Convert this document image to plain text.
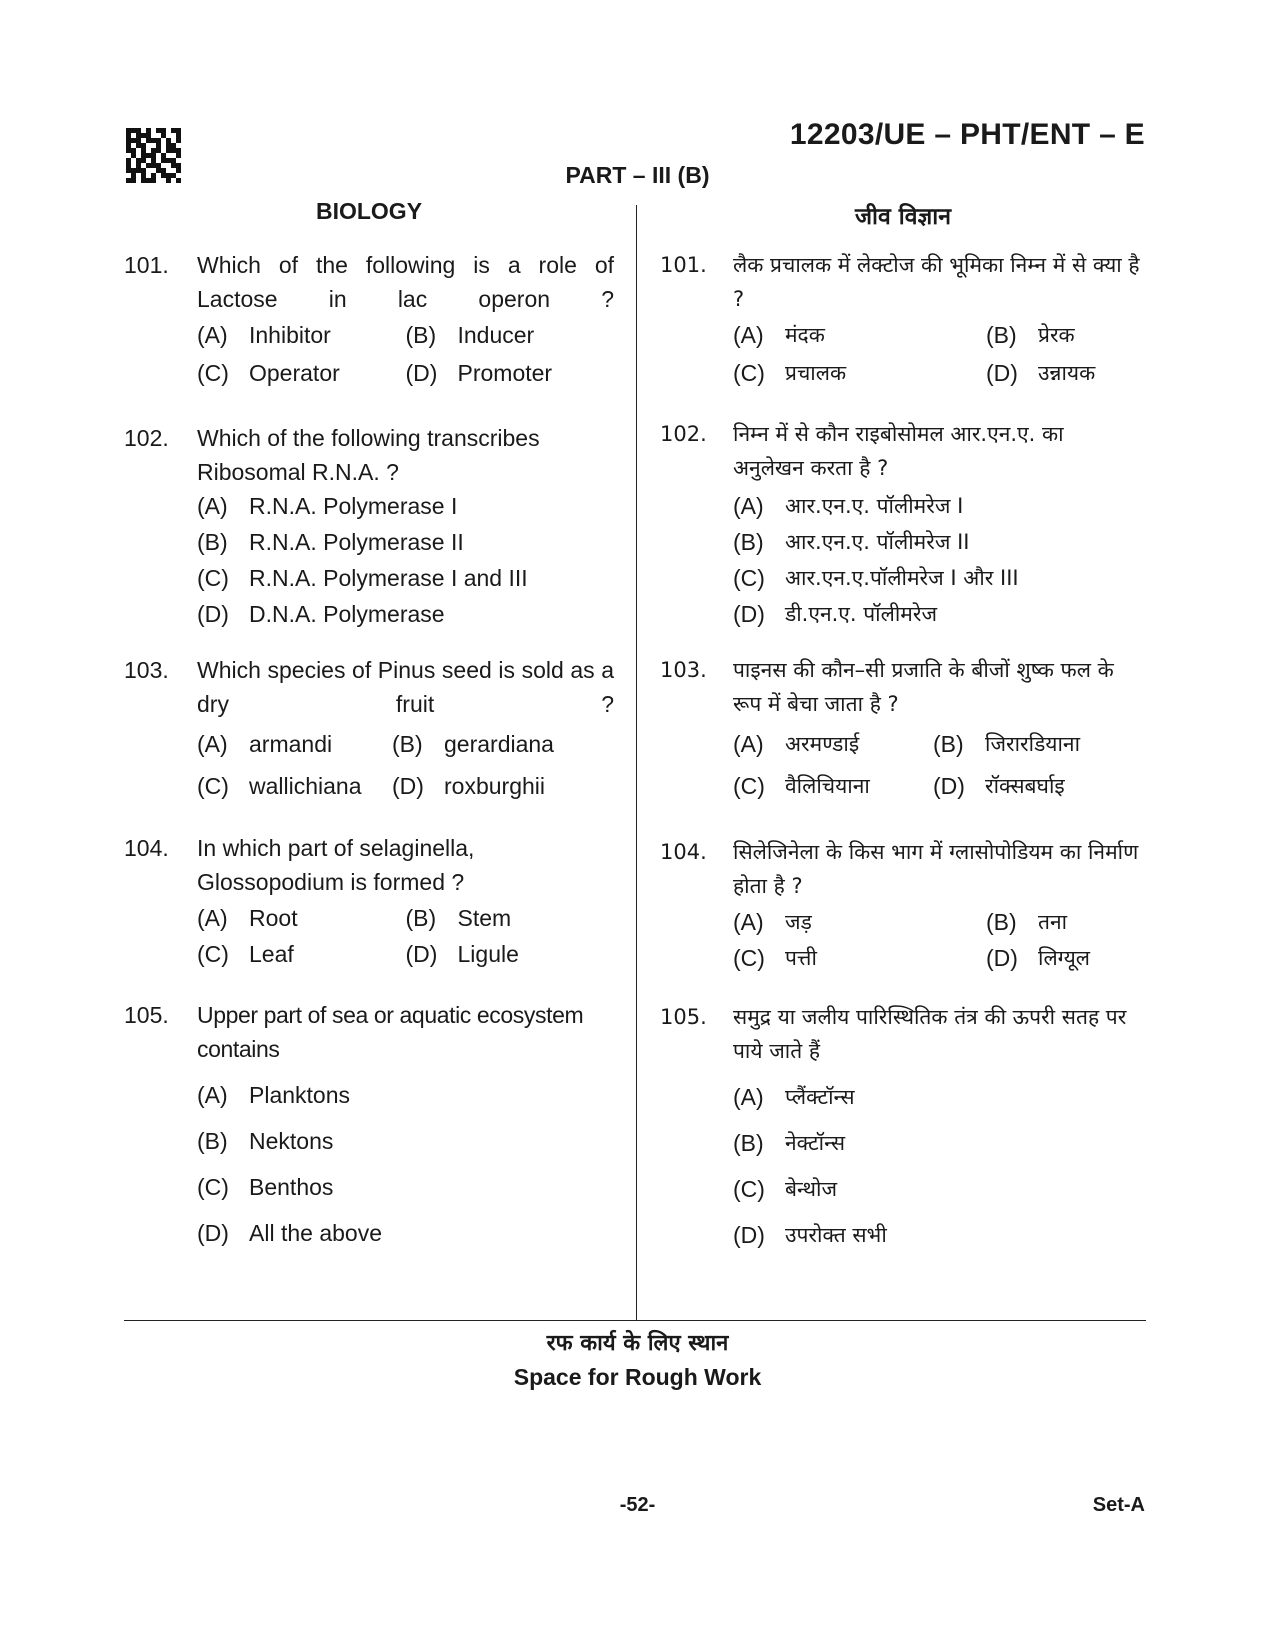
12203/UE – PHT/ENT – E
PART – III (B)
BIOLOGY
101.	Which of the following is a role of Lactose in lac operon ?
(A) Inhibitor	(B) Inducer
(C) Operator	(D) Promoter
102.	Which of the following transcribes Ribosomal R.N.A. ?
(A) R.N.A. Polymerase I
(B) R.N.A. Polymerase II
(C) R.N.A. Polymerase I and III
(D) D.N.A. Polymerase
103.	Which species of Pinus seed is sold as a dry fruit ?
(A) armandi	(B) gerardiana
(C) wallichiana (D) roxburghii
104.	In which part of selaginella, Glossopodium is formed ?
(A) Root	(B) Stem
(C) Leaf	(D) Ligule
105.	Upper part of sea or aquatic ecosystem contains
(A) Planktons
(B) Nektons
(C) Benthos
(D) All the above
जीव विज्ञान
101.	लैक प्रचालक में लेक्टोज की भूमिका निम्न में से क्या है ?
(A)	मंदक	(B)	प्रेरक
(C) प्रचालक	(D) उन्नायक
102.	निम्न में से कौन राइबोसोमल आर.एन.ए. का अनुलेखन करता है ?
(A)	आर.एन.ए. पॉलीमरेज I
(B)	आर.एन.ए. पॉलीमरेज II
(C) आर.एन.ए.पॉलीमरेज I और III
(D) डी.एन.ए. पॉलीमरेज
103.	पाइनस की कौन–सी प्रजाति के बीजों शुष्क फल के रूप में बेचा जाता है ?
(A)	अरमण्डाई	(B)	जिरारडियाना
(C) वैलिचियाना	(D) रॉक्सबर्घाइ
104.	सिलेजिनेला के किस भाग में ग्लासोपोडियम का निर्माण होता है ?
(A)	जड़	(B)	तना
(C) पत्ती	(D) लिग्यूल
105.	समुद्र या जलीय पारिस्थितिक तंत्र की ऊपरी सतह पर पाये जाते हैं
(A)	प्लैंक्टॉन्स
(B)	नेक्टॉन्स
(C) बेन्थोज
(D) उपरोक्त सभी
रफ कार्य के लिए स्थान
Space for Rough Work
-52-	Set-A
